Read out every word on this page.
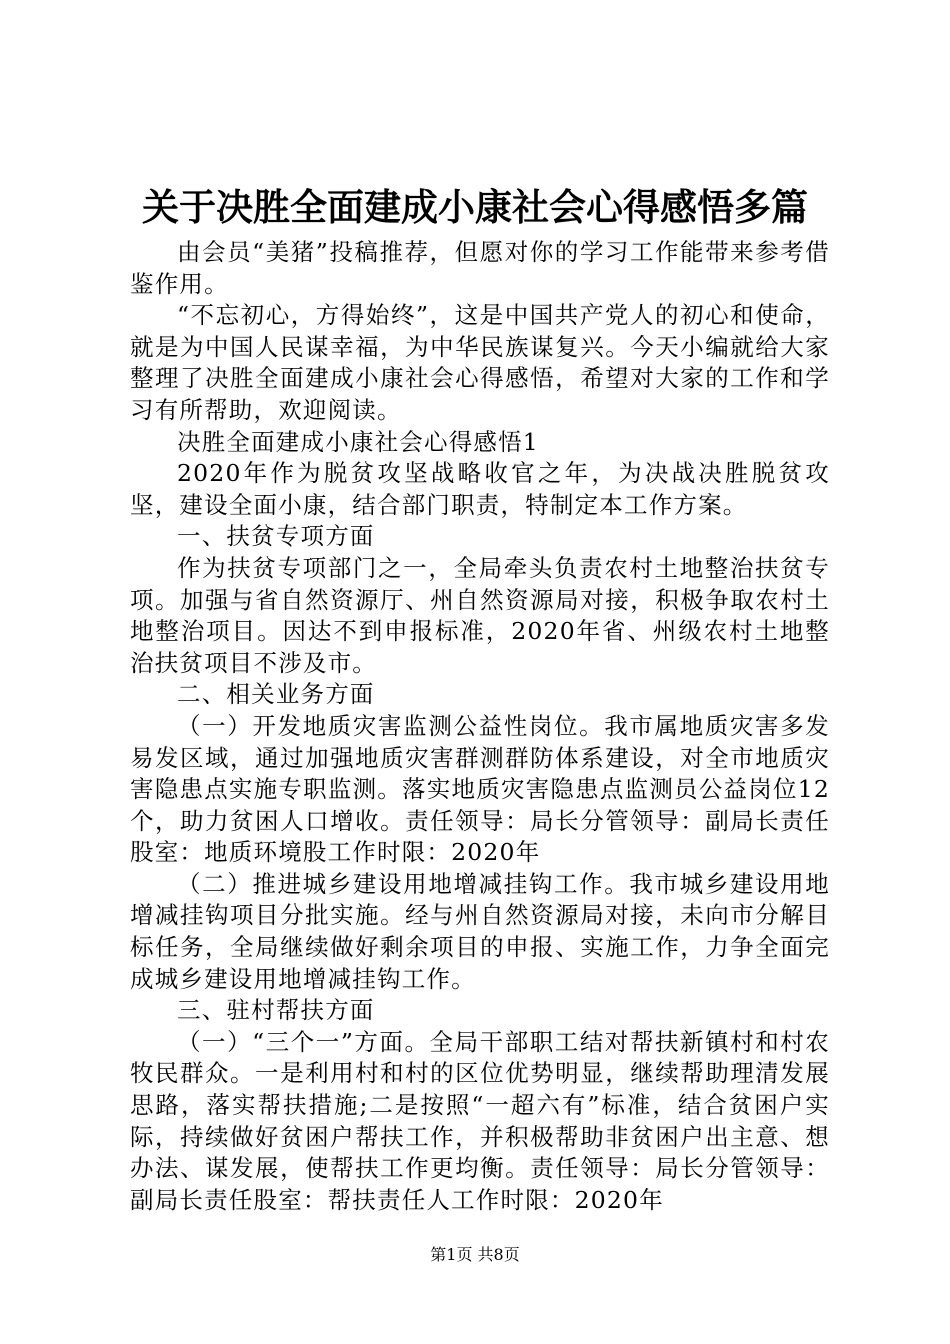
关于决胜全面建成小康社会心得感悟多篇

由会员“美猪”投稿推荐，但愿对你的学习工作能带来参考借鉴作用。

“不忘初心，方得始终”，这是中国共产党人的初心和使命，就是为中国人民谋幸福，为中华民族谋复兴。今天小编就给大家整理了决胜全面建成小康社会心得感悟，希望对大家的工作和学习有所帮助，欢迎阅读。

决胜全面建成小康社会心得感悟1

2020年作为脱贫攻坚战略收官之年，为决战决胜脱贫攻坚，建设全面小康，结合部门职责，特制定本工作方案。

一、扶贫专项方面

作为扶贫专项部门之一，全局牵头负责农村土地整治扶贫专项。加强与省自然资源厅、州自然资源局对接，积极争取农村土地整治项目。因达不到申报标准，2020年省、州级农村土地整治扶贫项目不涉及市。

二、相关业务方面

（一）开发地质灾害监测公益性岗位。我市属地质灾害多发易发区域，通过加强地质灾害群测群防体系建设，对全市地质灾害隐患点实施专职监测。落实地质灾害隐患点监测员公益岗位12个，助力贫困人口增收。责任领导：局长分管领导：副局长责任股室：地质环境股工作时限：2020年

（二）推进城乡建设用地增减挂钩工作。我市城乡建设用地增减挂钩项目分批实施。经与州自然资源局对接，未向市分解目标任务，全局继续做好剩余项目的申报、实施工作，力争全面完成城乡建设用地增减挂钩工作。

三、驻村帮扶方面

（一）“三个一”方面。全局干部职工结对帮扶新镇村和村农牧民群众。一是利用村和村的区位优势明显，继续帮助理清发展思路，落实帮扶措施;二是按照“一超六有”标准，结合贫困户实际，持续做好贫困户帮扶工作，并积极帮助非贫困户出主意、想办法、谋发展，使帮扶工作更均衡。责任领导：局长分管领导：副局长责任股室：帮扶责任人工作时限：2020年

第1页 共8页
